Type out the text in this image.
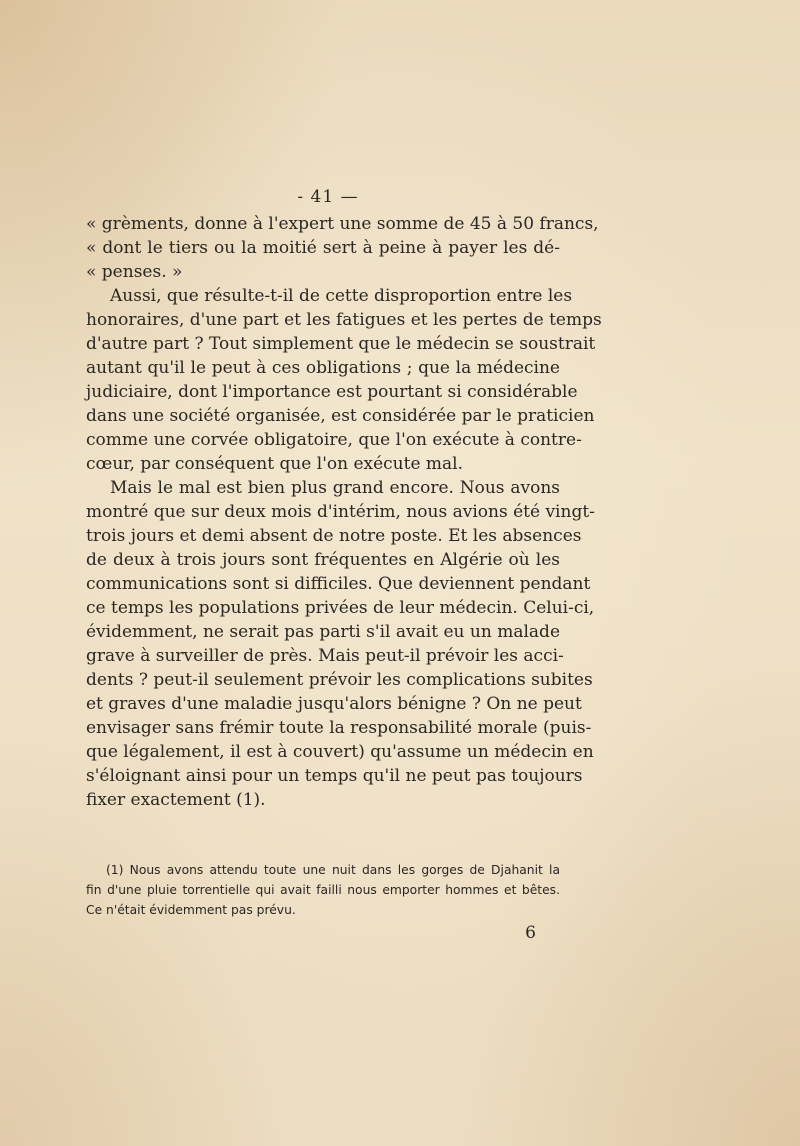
- 41 —
« grèments, donne à l'expert une somme de 45 à 50 francs,
« dont le tiers ou la moitié sert à peine à payer les dé-
« penses. »
Aussi, que résulte-t-il de cette disproportion entre les
honoraires, d'une part et les fatigues et les pertes de temps
d'autre part ? Tout simplement que le médecin se soustrait
autant qu'il le peut à ces obligations ; que la médecine
judiciaire, dont l'importance est pourtant si considérable
dans une société organisée, est considérée par le praticien
comme une corvée obligatoire, que l'on exécute à contre-
cœur, par conséquent que l'on exécute mal.
Mais le mal est bien plus grand encore. Nous avons
montré que sur deux mois d'intérim, nous avions été vingt-
trois jours et demi absent de notre poste. Et les absences
de deux à trois jours sont fréquentes en Algérie où les
communications sont si difficiles. Que deviennent pendant
ce temps les populations privées de leur médecin. Celui-ci,
évidemment, ne serait pas parti s'il avait eu un malade
grave à surveiller de près. Mais peut-il prévoir les acci-
dents ? peut-il seulement prévoir les complications subites
et graves d'une maladie jusqu'alors bénigne ? On ne peut
envisager sans frémir toute la responsabilité morale (puis-
que légalement, il est à couvert) qu'assume un médecin en
s'éloignant ainsi pour un temps qu'il ne peut pas toujours
fixer exactement (1).
(1) Nous avons attendu toute une nuit dans les gorges de Djahanit la
fin d'une pluie torrentielle qui avait failli nous emporter hommes et bêtes.
Ce n'était évidemment pas prévu.
6
